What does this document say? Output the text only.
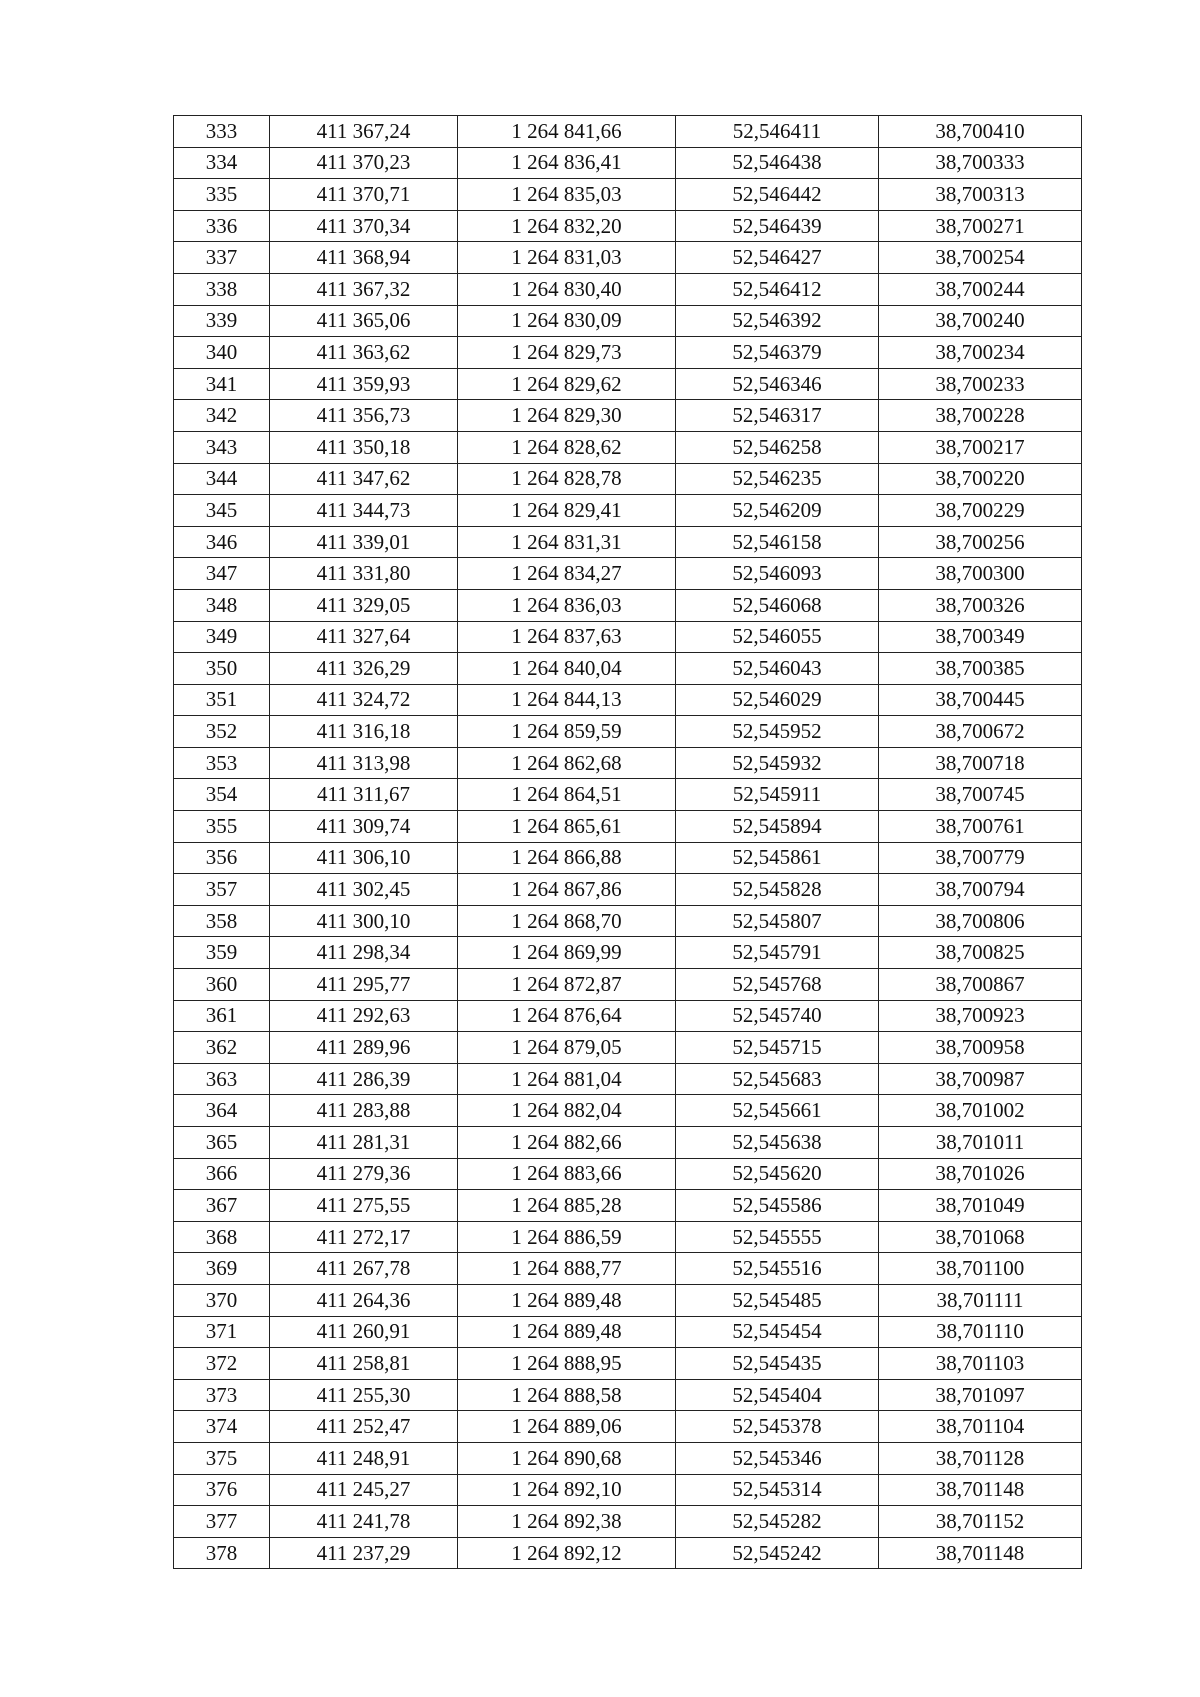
333	411 367,24	1 264 841,66	52,546411	38,700410
334	411 370,23	1 264 836,41	52,546438	38,700333
335	411 370,71	1 264 835,03	52,546442	38,700313
336	411 370,34	1 264 832,20	52,546439	38,700271
337	411 368,94	1 264 831,03	52,546427	38,700254
338	411 367,32	1 264 830,40	52,546412	38,700244
339	411 365,06	1 264 830,09	52,546392	38,700240
340	411 363,62	1 264 829,73	52,546379	38,700234
341	411 359,93	1 264 829,62	52,546346	38,700233
342	411 356,73	1 264 829,30	52,546317	38,700228
343	411 350,18	1 264 828,62	52,546258	38,700217
344	411 347,62	1 264 828,78	52,546235	38,700220
345	411 344,73	1 264 829,41	52,546209	38,700229
346	411 339,01	1 264 831,31	52,546158	38,700256
347	411 331,80	1 264 834,27	52,546093	38,700300
348	411 329,05	1 264 836,03	52,546068	38,700326
349	411 327,64	1 264 837,63	52,546055	38,700349
350	411 326,29	1 264 840,04	52,546043	38,700385
351	411 324,72	1 264 844,13	52,546029	38,700445
352	411 316,18	1 264 859,59	52,545952	38,700672
353	411 313,98	1 264 862,68	52,545932	38,700718
354	411 311,67	1 264 864,51	52,545911	38,700745
355	411 309,74	1 264 865,61	52,545894	38,700761
356	411 306,10	1 264 866,88	52,545861	38,700779
357	411 302,45	1 264 867,86	52,545828	38,700794
358	411 300,10	1 264 868,70	52,545807	38,700806
359	411 298,34	1 264 869,99	52,545791	38,700825
360	411 295,77	1 264 872,87	52,545768	38,700867
361	411 292,63	1 264 876,64	52,545740	38,700923
362	411 289,96	1 264 879,05	52,545715	38,700958
363	411 286,39	1 264 881,04	52,545683	38,700987
364	411 283,88	1 264 882,04	52,545661	38,701002
365	411 281,31	1 264 882,66	52,545638	38,701011
366	411 279,36	1 264 883,66	52,545620	38,701026
367	411 275,55	1 264 885,28	52,545586	38,701049
368	411 272,17	1 264 886,59	52,545555	38,701068
369	411 267,78	1 264 888,77	52,545516	38,701100
370	411 264,36	1 264 889,48	52,545485	38,701111
371	411 260,91	1 264 889,48	52,545454	38,701110
372	411 258,81	1 264 888,95	52,545435	38,701103
373	411 255,30	1 264 888,58	52,545404	38,701097
374	411 252,47	1 264 889,06	52,545378	38,701104
375	411 248,91	1 264 890,68	52,545346	38,701128
376	411 245,27	1 264 892,10	52,545314	38,701148
377	411 241,78	1 264 892,38	52,545282	38,701152
378	411 237,29	1 264 892,12	52,545242	38,701148
